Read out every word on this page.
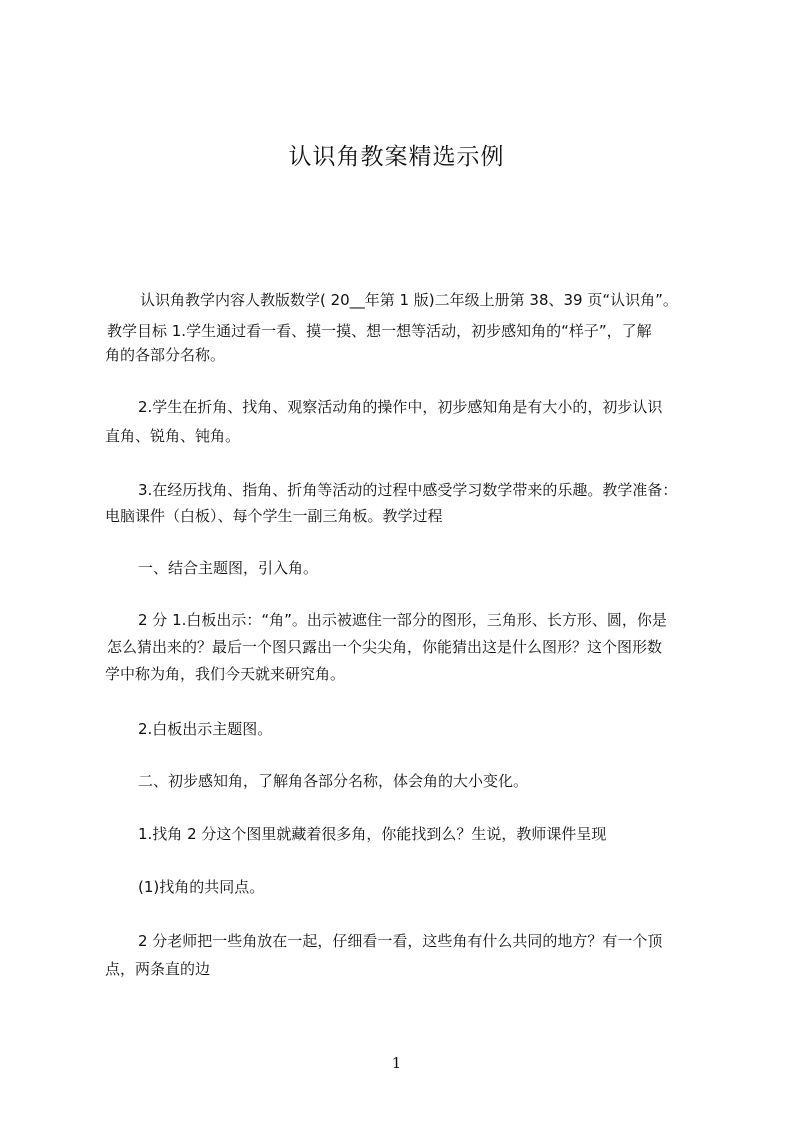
认识角教案精选示例
认识角教学内容人教版数学( 20__年第 1 版)二年级上册第 38、39 页“认识角”。
教学目标 1.学生通过看一看、摸一摸、想一想等活动，初步感知角的“样子”，了解
角的各部分名称。
2.学生在折角、找角、观察活动角的操作中，初步感知角是有大小的，初步认识
直角、锐角、钝角。
3.在经历找角、指角、折角等活动的过程中感受学习数学带来的乐趣。教学准备：
电脑课件（白板）、每个学生一副三角板。教学过程
一、结合主题图，引入角。
2 分 1.白板出示：“角”。出示被遮住一部分的图形，三角形、长方形、圆，你是
怎么猜出来的？最后一个图只露出一个尖尖角，你能猜出这是什么图形？这个图形数
学中称为角，我们今天就来研究角。
2.白板出示主题图。
二、初步感知角，了解角各部分名称，体会角的大小变化。
1.找角 2 分这个图里就藏着很多角，你能找到么？生说，教师课件呈现
(1)找角的共同点。
2 分老师把一些角放在一起，仔细看一看，这些角有什么共同的地方？有一个顶
点，两条直的边
1
